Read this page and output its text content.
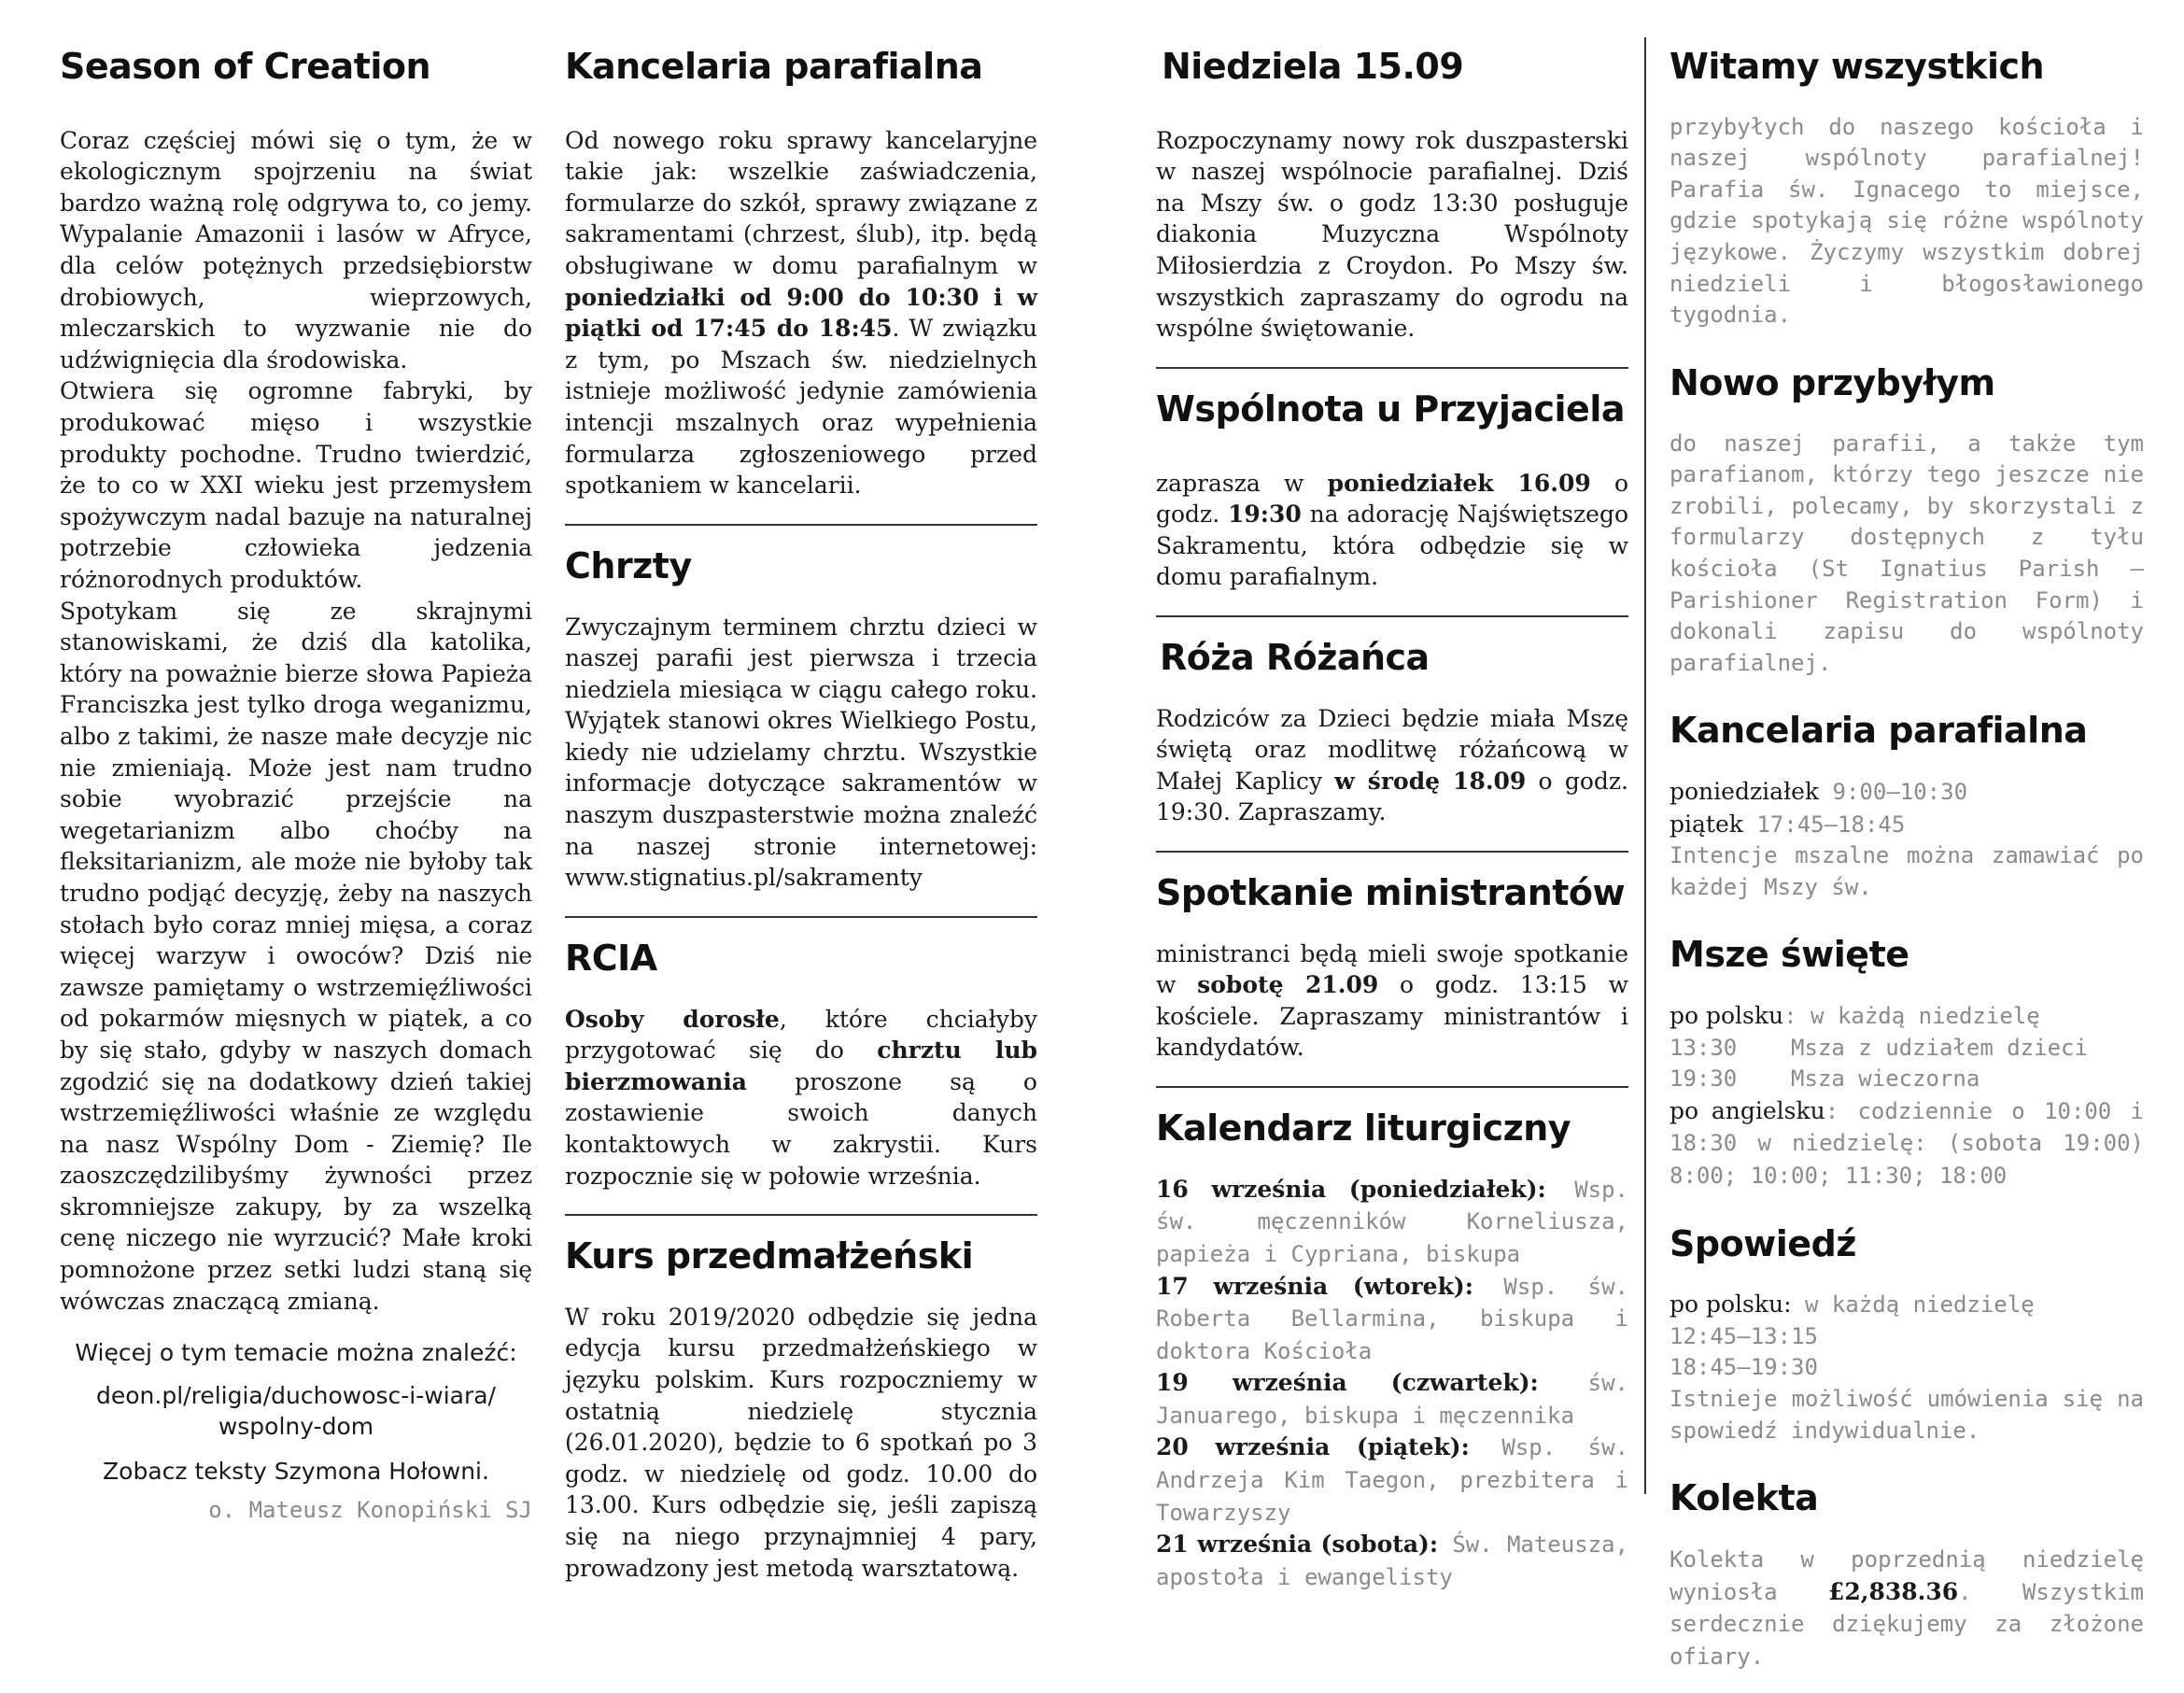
Season of Creation

Coraz częściej mówi się o tym, że w ekologicznym spojrzeniu na świat bardzo ważną rolę odgrywa to, co jemy. Wypalanie Amazonii i lasów w Afryce, dla celów potężnych przedsiębiorstw drobiowych, wieprzowych, mleczarskich to wyzwanie nie do udźwignięcia dla środowiska.

Otwiera się ogromne fabryki, by produkować mięso i wszystkie produkty pochodne. Trudno twierdzić, że to co w XXI wieku jest przemysłem spożywczym nadal bazuje na naturalnej potrzebie człowieka jedzenia różnorodnych produktów.

Spotykam się ze skrajnymi stanowiskami, że dziś dla katolika, który na poważnie bierze słowa Papieża Franciszka jest tylko droga weganizmu, albo z takimi, że nasze małe decyzje nic nie zmieniają. Może jest nam trudno sobie wyobrazić przejście na wegetarianizm albo choćby na fleksitarianizm, ale może nie byłoby tak trudno podjąć decyzję, żeby na naszych stołach było coraz mniej mięsa, a coraz więcej warzyw i owoców? Dziś nie zawsze pamiętamy o wstrzemięźliwości od pokarmów mięsnych w piątek, a co by się stało, gdyby w naszych domach zgodzić się na dodatkowy dzień takiej wstrzemięźliwości właśnie ze względu na nasz Wspólny Dom - Ziemię? Ile zaoszczędzilibyśmy żywności przez skromniejsze zakupy, by za wszelką cenę niczego nie wyrzucić? Małe kroki pomnożone przez setki ludzi staną się wówczas znaczącą zmianą.

Więcej o tym temacie można znaleźć:

deon.pl/religia/duchowosc-i-wiara/

wspolny-dom

Zobacz teksty Szymona Hołowni.

o. Mateusz Konopiński SJ

Kancelaria parafialna

Od nowego roku sprawy kancelaryjne takie jak: wszelkie zaświadczenia, formularze do szkół, sprawy związane z sakramentami (chrzest, ślub), itp. będą obsługiwane w domu parafialnym w poniedziałki od 9:00 do 10:30 i w piątki od 17:45 do 18:45. W związku z tym, po Mszach św. niedzielnych istnieje możliwość jedynie zamówienia intencji mszalnych oraz wypełnienia formularza zgłoszeniowego przed spotkaniem w kancelarii.

Chrzty

Zwyczajnym terminem chrztu dzieci w naszej parafii jest pierwsza i trzecia niedziela miesiąca w ciągu całego roku. Wyjątek stanowi okres Wielkiego Postu, kiedy nie udzielamy chrztu. Wszystkie informacje dotyczące sakramentów w naszym duszpasterstwie można znaleźć na naszej stronie internetowej: www.stignatius.pl/sakramenty

RCIA

Osoby dorosłe, które chciałyby przygotować się do chrztu lub bierzmowania proszone są o zostawienie swoich danych kontaktowych w zakrystii. Kurs rozpocznie się w połowie września.

Kurs przedmałżeński

W roku 2019/2020 odbędzie się jedna edycja kursu przedmałżeńskiego w języku polskim. Kurs rozpoczniemy w ostatnią niedzielę stycznia (26.01.2020), będzie to 6 spotkań po 3 godz. w niedzielę od godz. 10.00 do 13.00. Kurs odbędzie się, jeśli zapiszą się na niego przynajmniej 4 pary, prowadzony jest metodą warsztatową.

Niedziela 15.09

Rozpoczynamy nowy rok duszpasterski w naszej wspólnocie parafialnej. Dziś na Mszy św. o godz 13:30 posługuje diakonia Muzyczna Wspólnoty Miłosierdzia z Croydon. Po Mszy św. wszystkich zapraszamy do ogrodu na wspólne świętowanie.

Wspólnota u Przyjaciela

zaprasza w poniedziałek 16.09 o godz. 19:30 na adorację Najświętszego Sakramentu, która odbędzie się w domu parafialnym.

Róża Różańca

Rodziców za Dzieci będzie miała Mszę świętą oraz modlitwę różańcową w Małej Kaplicy w środę 18.09 o godz. 19:30. Zapraszamy.

Spotkanie ministrantów

ministranci będą mieli swoje spotkanie w sobotę 21.09 o godz. 13:15 w kościele. Zapraszamy ministrantów i kandydatów.

Kalendarz liturgiczny

16 września (poniedziałek): Wsp. św. męczenników Korneliusza, papieża i Cypriana, biskupa

17 września (wtorek): Wsp. św. Roberta Bellarmina, biskupa i doktora Kościoła

19 września (czwartek): św. Januarego, biskupa i męczennika

20 września (piątek): Wsp. św. Andrzeja Kim Taegon, prezbitera i Towarzyszy

21 września (sobota): Św. Mateusza, apostoła i ewangelisty

Witamy wszystkich

przybyłych do naszego kościoła i naszej wspólnoty parafialnej! Parafia św. Ignacego to miejsce, gdzie spotykają się różne wspólnoty językowe. Życzymy wszystkim dobrej niedzieli i błogosławionego tygodnia.

Nowo przybyłym

do naszej parafii, a także tym parafianom, którzy tego jeszcze nie zrobili, polecamy, by skorzystali z formularzy dostępnych z tyłu kościoła (St Ignatius Parish – Parishioner Registration Form) i dokonali zapisu do wspólnoty parafialnej.

Kancelaria parafialna

poniedziałek 9:00–10:30

piątek 17:45–18:45

Intencje mszalne można zamawiać po każdej Mszy św.

Msze święte

po polsku: w każdą niedzielę

13:30    Msza z udziałem dzieci

19:30    Msza wieczorna

po angielsku: codziennie o 10:00 i 18:30 w niedzielę: (sobota 19:00) 8:00; 10:00; 11:30; 18:00

Spowiedź

po polsku: w każdą niedzielę

12:45–13:15

18:45–19:30

Istnieje możliwość umówienia się na spowiedź indywidualnie.

Kolekta

Kolekta w poprzednią niedzielę wyniosła £2,838.36. Wszystkim serdecznie dziękujemy za złożone ofiary.
